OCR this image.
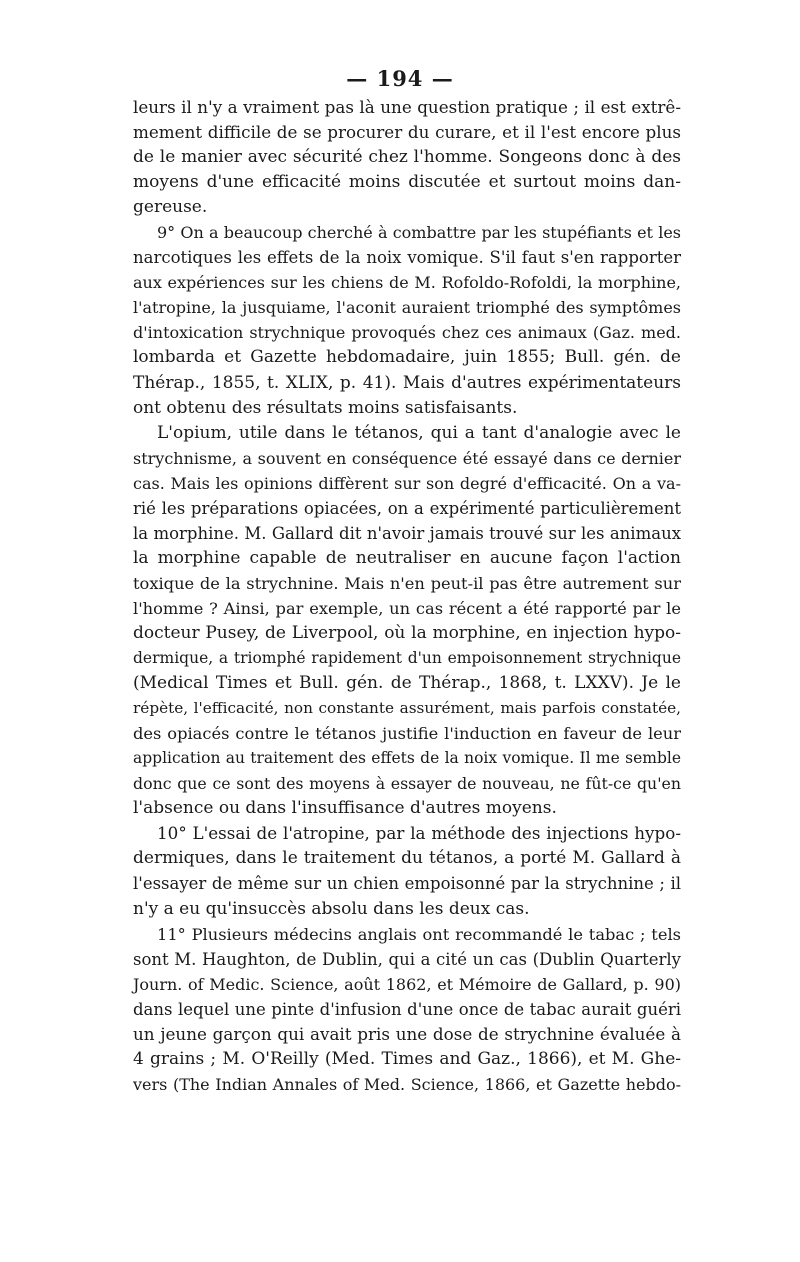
— 194 —
leurs il n'y a vraiment pas là une question pratique ; il est extrê-
mement difficile de se procurer du curare, et il l'est encore plus
de le manier avec sécurité chez l'homme. Songeons donc à des
moyens d'une efficacité moins discutée et surtout moins dan-
gereuse.
9° On a beaucoup cherché à combattre par les stupéfiants et les
narcotiques les effets de la noix vomique. S'il faut s'en rapporter
aux expériences sur les chiens de M. Rofoldo-Rofoldi, la morphine,
l'atropine, la jusquiame, l'aconit auraient triomphé des symptômes
d'intoxication strychnique provoqués chez ces animaux (Gaz. med.
lombarda et Gazette hebdomadaire, juin 1855; Bull. gén. de
Thérap., 1855, t. XLIX, p. 41). Mais d'autres expérimentateurs
ont obtenu des résultats moins satisfaisants.
L'opium, utile dans le tétanos, qui a tant d'analogie avec le
strychnisme, a souvent en conséquence été essayé dans ce dernier
cas. Mais les opinions diffèrent sur son degré d'efficacité. On a va-
rié les préparations opiacées, on a expérimenté particulièrement
la morphine. M. Gallard dit n'avoir jamais trouvé sur les animaux
la morphine capable de neutraliser en aucune façon l'action
toxique de la strychnine. Mais n'en peut-il pas être autrement sur
l'homme ? Ainsi, par exemple, un cas récent a été rapporté par le
docteur Pusey, de Liverpool, où la morphine, en injection hypo-
dermique, a triomphé rapidement d'un empoisonnement strychnique
(Medical Times et Bull. gén. de Thérap., 1868, t. LXXV). Je le
répète, l'efficacité, non constante assurément, mais parfois constatée,
des opiacés contre le tétanos justifie l'induction en faveur de leur
application au traitement des effets de la noix vomique. Il me semble
donc que ce sont des moyens à essayer de nouveau, ne fût-ce qu'en
l'absence ou dans l'insuffisance d'autres moyens.
10° L'essai de l'atropine, par la méthode des injections hypo-
dermiques, dans le traitement du tétanos, a porté M. Gallard à
l'essayer de même sur un chien empoisonné par la strychnine ; il
n'y a eu qu'insuccès absolu dans les deux cas.
11° Plusieurs médecins anglais ont recommandé le tabac ; tels
sont M. Haughton, de Dublin, qui a cité un cas (Dublin Quarterly
Journ. of Medic. Science, août 1862, et Mémoire de Gallard, p. 90)
dans lequel une pinte d'infusion d'une once de tabac aurait guéri
un jeune garçon qui avait pris une dose de strychnine évaluée à
4 grains ; M. O'Reilly (Med. Times and Gaz., 1866), et M. Ghe-
vers (The Indian Annales of Med. Science, 1866, et Gazette hebdo-
